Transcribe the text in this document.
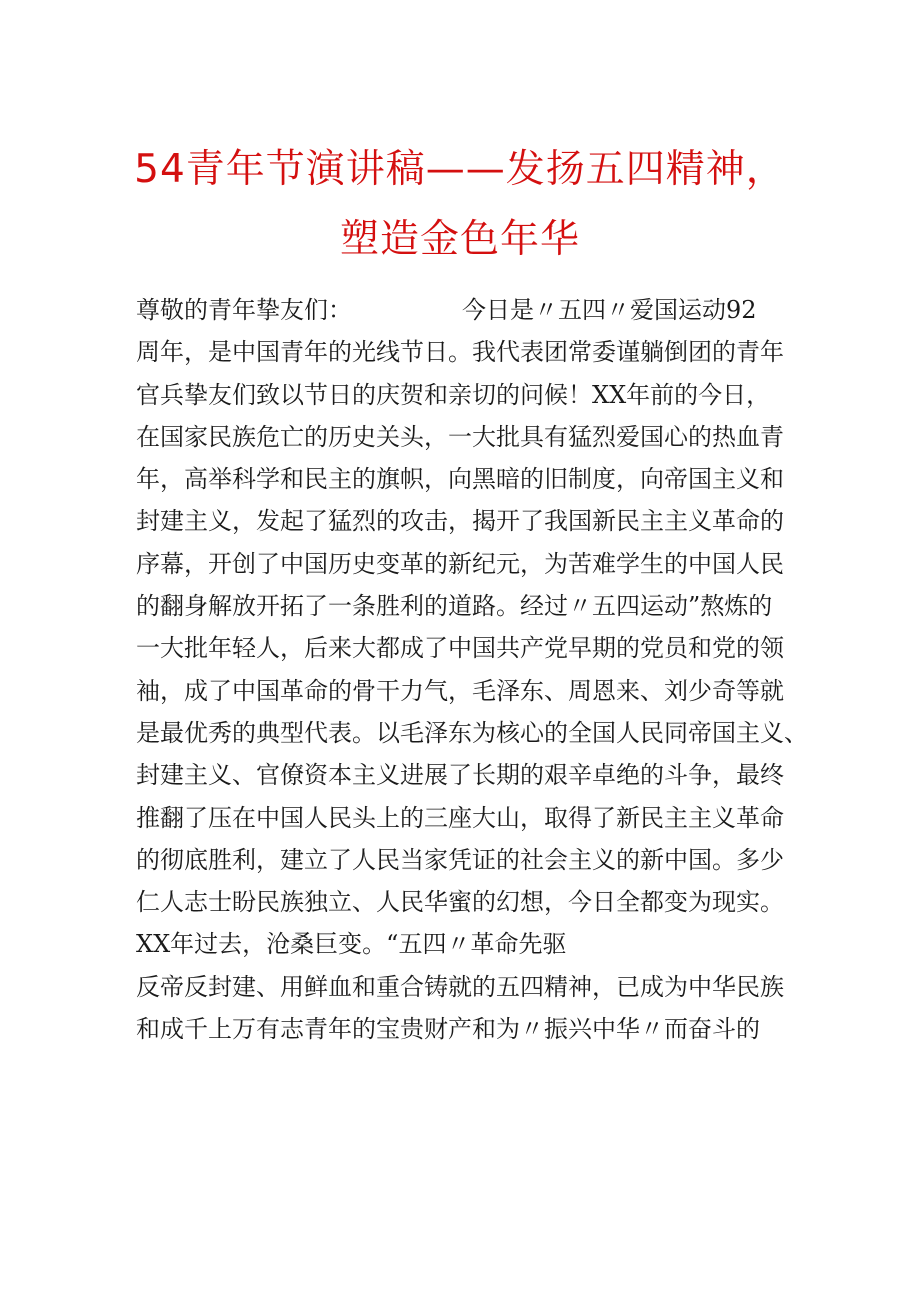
54青年节演讲稿——发扬五四精神，
塑造金色年华
尊敬的青年挚友们：	今日是〃五四〃爱国运动92
周年，是中国青年的光线节日。我代表团常委谨躺倒团的青年
官兵挚友们致以节日的庆贺和亲切的问候！XX年前的今日，
在国家民族危亡的历史关头，一大批具有猛烈爱国心的热血青
年，高举科学和民主的旗帜，向黑暗的旧制度，向帝国主义和
封建主义，发起了猛烈的攻击，揭开了我国新民主主义革命的
序幕，开创了中国历史变革的新纪元，为苦难学生的中国人民
的翻身解放开拓了一条胜利的道路。经过〃五四运动”熬炼的
一大批年轻人，后来大都成了中国共产党早期的党员和党的领
袖，成了中国革命的骨干力气，毛泽东、周恩来、刘少奇等就
是最优秀的典型代表。以毛泽东为核心的全国人民同帝国主义、
封建主义、官僚资本主义进展了长期的艰辛卓绝的斗争，最终
推翻了压在中国人民头上的三座大山，取得了新民主主义革命
的彻底胜利，建立了人民当家凭证的社会主义的新中国。多少
仁人志士盼民族独立、人民华蜜的幻想，今日全都变为现实。
XX年过去，沧桑巨变。“五四〃革命先驱
反帝反封建、用鲜血和重合铸就的五四精神，已成为中华民族
和成千上万有志青年的宝贵财产和为〃振兴中华〃而奋斗的
